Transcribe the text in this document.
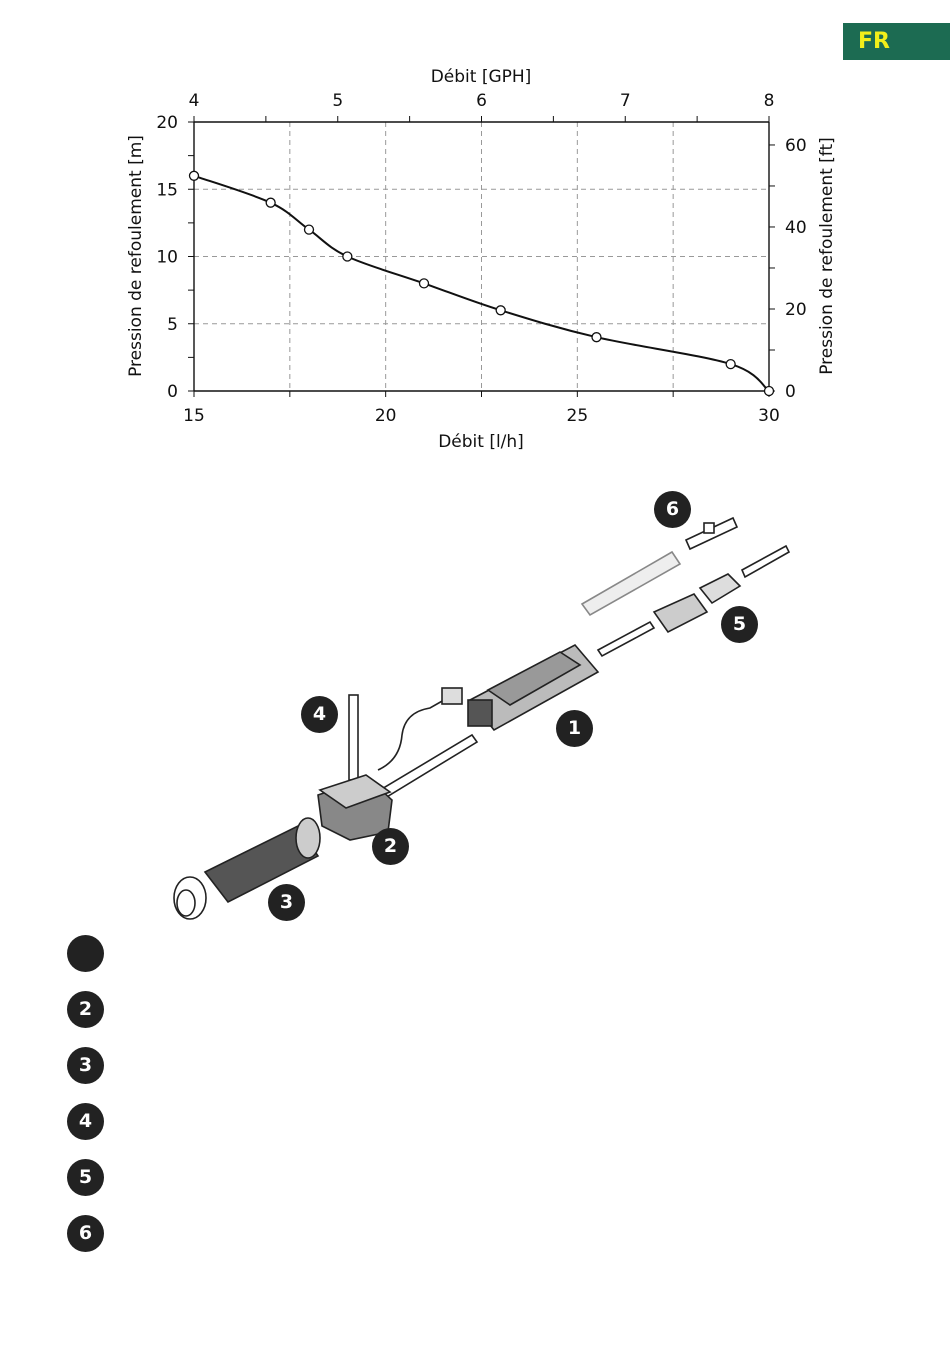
FR
15	20	25	30
4	5	6	7	8
0
5
10
15
20
0
20
40
60
Débit [GPH]
Débit [l/h]
Pression de refoulement [m]	Pression de refoulement [ft]
6
5
1
4
2
3
2
3
4
5
6
